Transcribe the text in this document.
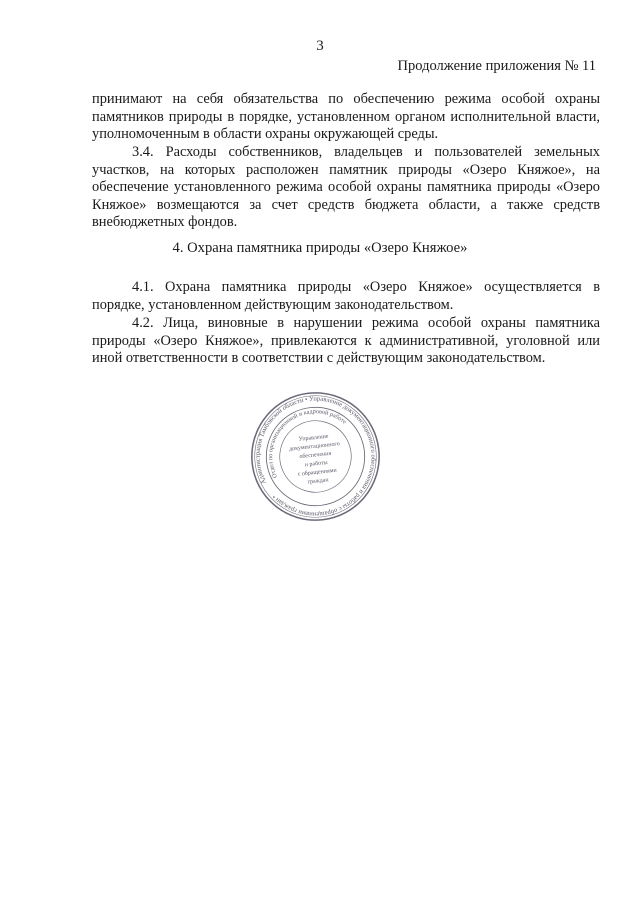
3
Продолжение приложения № 11

принимают на себя обязательства по обеспечению режима особой охраны памятников природы в порядке, установленном органом исполнительной власти, уполномоченным в области охраны окружающей среды.

3.4. Расходы собственников, владельцев и пользователей земельных участков, на которых расположен памятник природы «Озеро Княжое», на обеспечение установленного режима особой охраны памятника природы «Озеро Княжое» возмещаются за счет средств бюджета области, а также средств внебюджетных фондов.

4. Охрана памятника природы «Озеро Княжое»

4.1. Охрана памятника природы «Озеро Княжое» осуществляется в порядке, установленном действующим законодательством.

4.2. Лица, виновные в нарушении режима особой охраны памятника природы «Озеро Княжое», привлекаются к административной, уголовной или иной ответственности в соответствии с действующим законодательством.

Администрация Тамбовской области • Управление документационного обеспечения и работы с обращениями граждан •
Отдел по организационной и кадровой работе
Управление
документационного
обеспечения
и работы
с обращениями
граждан
